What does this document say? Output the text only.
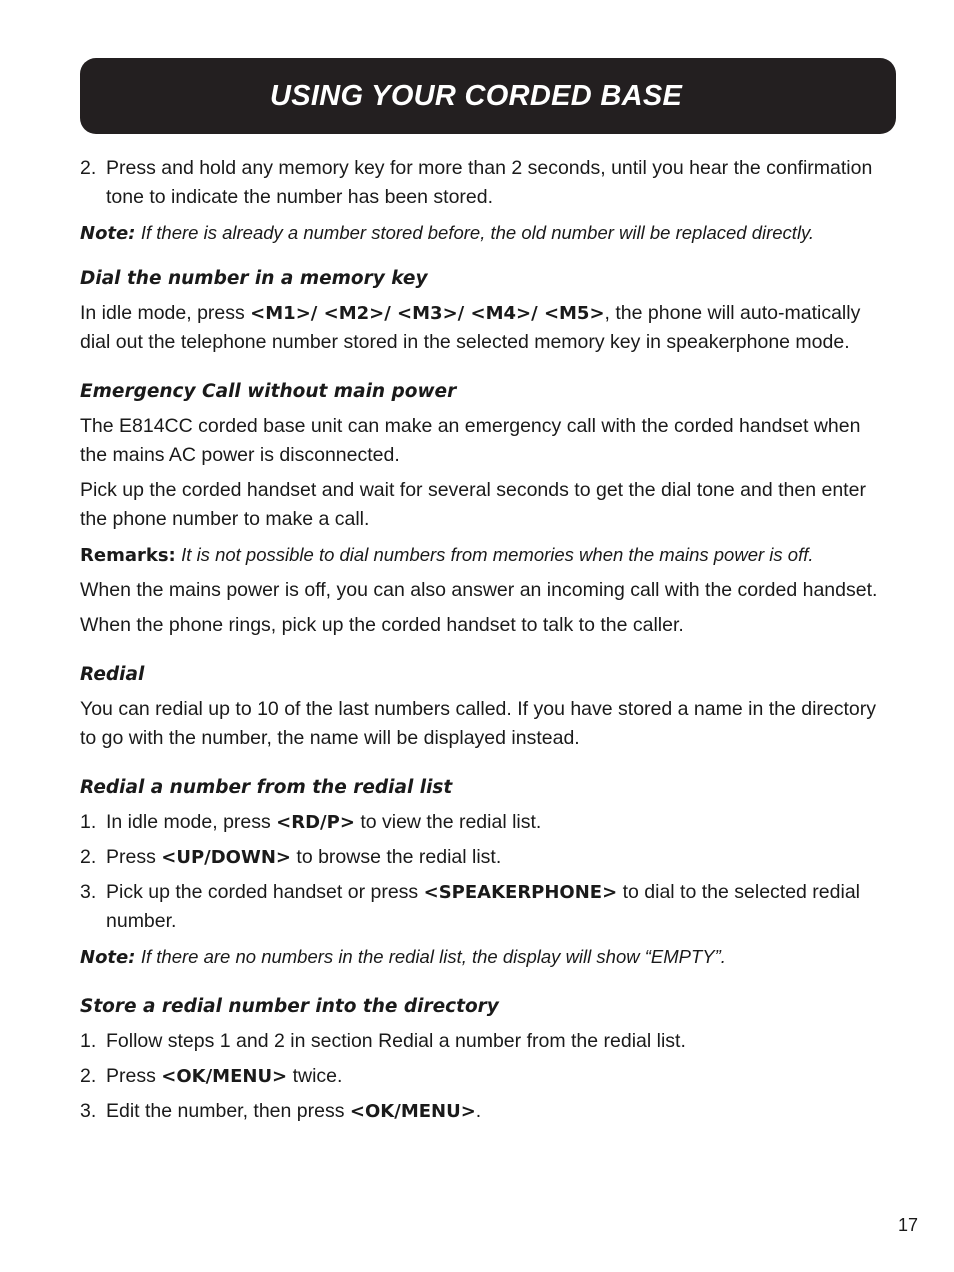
USING YOUR CORDED BASE
2. Press and hold any memory key for more than 2 seconds, until you hear the confirmation tone to indicate the number has been stored.

Note: If there is already a number stored before, the old number will be replaced directly.

Dial the number in a memory key

In idle mode, press <M1>/ <M2>/ <M3>/ <M4>/ <M5>, the phone will auto-matically dial out the telephone number stored in the selected memory key in speakerphone mode.

Emergency Call without main power

The E814CC corded base unit can make an emergency call with the corded handset when the mains AC power is disconnected.

Pick up the corded handset and wait for several seconds to get the dial tone and then enter the phone number to make a call.

Remarks: It is not possible to dial numbers from memories when the mains power is off.

When the mains power is off, you can also answer an incoming call with the corded handset.

When the phone rings, pick up the corded handset to talk to the caller.

Redial

You can redial up to 10 of the last numbers called. If you have stored a name in the directory to go with the number, the name will be displayed instead.

Redial a number from the redial list
1. In idle mode, press <RD/P> to view the redial list.
2. Press <UP/DOWN> to browse the redial list.
3. Pick up the corded handset or press <SPEAKERPHONE> to dial to the selected redial number.

Note: If there are no numbers in the redial list, the display will show “EMPTY”.

Store a redial number into the directory
1. Follow steps 1 and 2 in section Redial a number from the redial list.
2. Press <OK/MENU> twice.
3. Edit the number, then press <OK/MENU>.
17
